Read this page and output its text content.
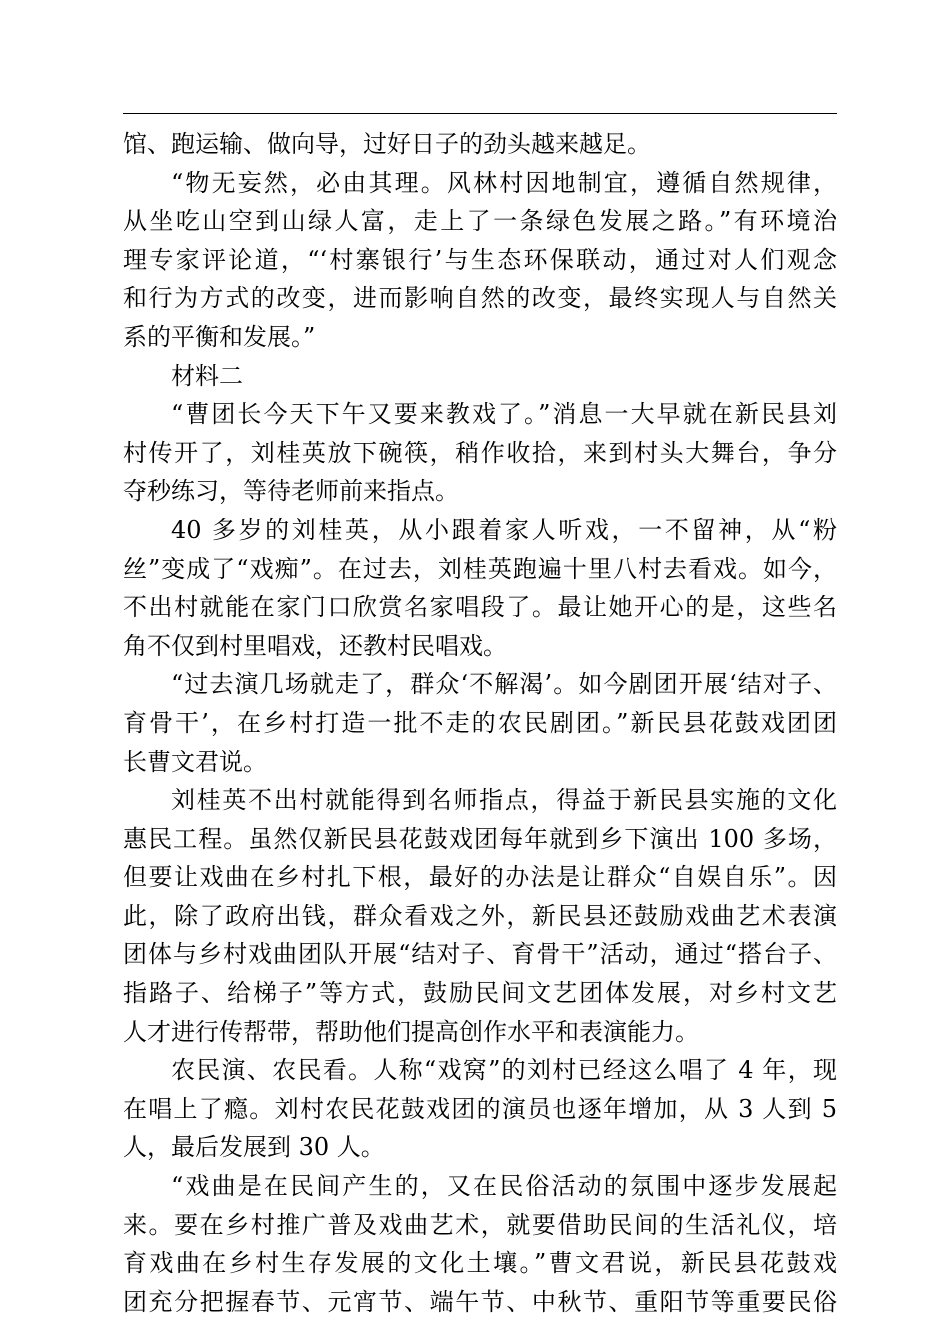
馆、跑运输、做向导，过好日子的劲头越来越足。
“物无妄然，必由其理。风林村因地制宜，遵循自然规律，
从坐吃山空到山绿人富，走上了一条绿色发展之路。”有环境治
理专家评论道，“‘村寨银行’与生态环保联动，通过对人们观念
和行为方式的改变，进而影响自然的改变，最终实现人与自然关
系的平衡和发展。”
材料二
“曹团长今天下午又要来教戏了。”消息一大早就在新民县刘
村传开了，刘桂英放下碗筷，稍作收拾，来到村头大舞台，争分
夺秒练习，等待老师前来指点。
40 多岁的刘桂英，从小跟着家人听戏，一不留神，从“粉
丝”变成了“戏痴”。在过去，刘桂英跑遍十里八村去看戏。如今，
不出村就能在家门口欣赏名家唱段了。最让她开心的是，这些名
角不仅到村里唱戏，还教村民唱戏。
“过去演几场就走了，群众‘不解渴’。如今剧团开展‘结对子、
育骨干’，在乡村打造一批不走的农民剧团。”新民县花鼓戏团团
长曹文君说。
刘桂英不出村就能得到名师指点，得益于新民县实施的文化
惠民工程。虽然仅新民县花鼓戏团每年就到乡下演出 100 多场，
但要让戏曲在乡村扎下根，最好的办法是让群众“自娱自乐”。因
此，除了政府出钱，群众看戏之外，新民县还鼓励戏曲艺术表演
团体与乡村戏曲团队开展“结对子、育骨干”活动，通过“搭台子、
指路子、给梯子”等方式，鼓励民间文艺团体发展，对乡村文艺
人才进行传帮带，帮助他们提高创作水平和表演能力。
农民演、农民看。人称“戏窝”的刘村已经这么唱了 4 年，现
在唱上了瘾。刘村农民花鼓戏团的演员也逐年增加，从 3 人到 5
人，最后发展到 30 人。
“戏曲是在民间产生的，又在民俗活动的氛围中逐步发展起
来。要在乡村推广普及戏曲艺术，就要借助民间的生活礼仪，培
育戏曲在乡村生存发展的文化土壤。”曹文君说，新民县花鼓戏
团充分把握春节、元宵节、端午节、中秋节、重阳节等重要民俗
